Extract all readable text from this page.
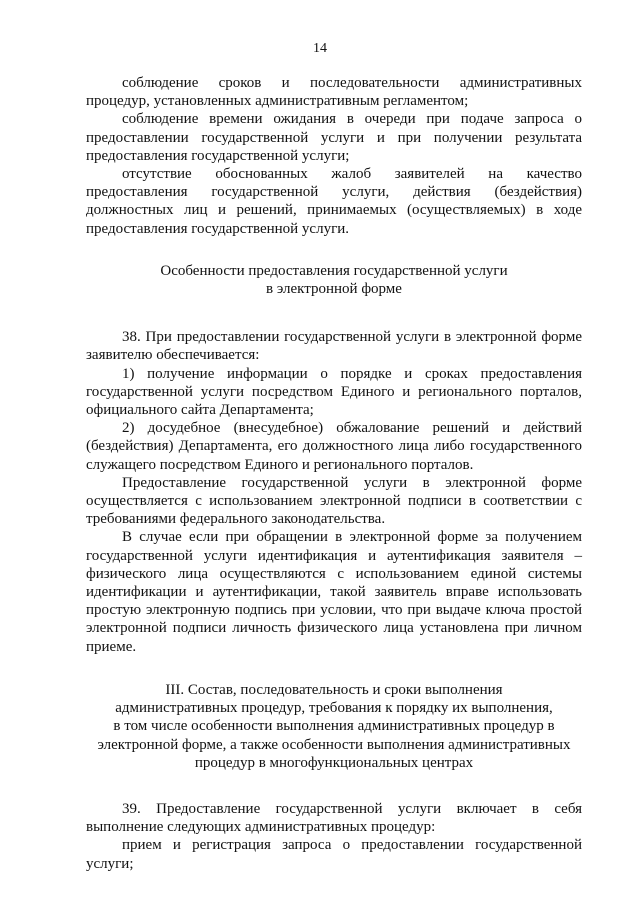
14

соблюдение сроков и последовательности административных процедур, установленных административным регламентом;

соблюдение времени ожидания в очереди при подаче запроса о предоставлении государственной услуги и при получении результата предоставления государственной услуги;

отсутствие обоснованных жалоб заявителей на качество предоставления государственной услуги, действия (бездействия) должностных лиц и решений, принимаемых (осуществляемых) в ходе предоставления государственной услуги.

Особенности предоставления государственной услуги
в электронной форме

38. При предоставлении государственной услуги в электронной форме заявителю обеспечивается:

1) получение информации о порядке и сроках предоставления государственной услуги посредством Единого и регионального порталов, официального сайта Департамента;

2) досудебное (внесудебное) обжалование решений и действий (бездействия) Департамента, его должностного лица либо государственного служащего посредством Единого и регионального порталов.

Предоставление государственной услуги в электронной форме осуществляется с использованием электронной подписи в соответствии с требованиями федерального законодательства.

В случае если при обращении в электронной форме за получением государственной услуги идентификация и аутентификация заявителя – физического лица осуществляются с использованием единой системы идентификации и аутентификации, такой заявитель вправе использовать простую электронную подпись при условии, что при выдаче ключа простой электронной подписи личность физического лица установлена при личном приеме.

III. Состав, последовательность и сроки выполнения
административных процедур, требования к порядку их выполнения,
в том числе особенности выполнения административных процедур в
электронной форме, а также особенности выполнения административных
процедур в многофункциональных центрах

39. Предоставление государственной услуги включает в себя выполнение следующих административных процедур:

прием и регистрация запроса о предоставлении государственной услуги;
